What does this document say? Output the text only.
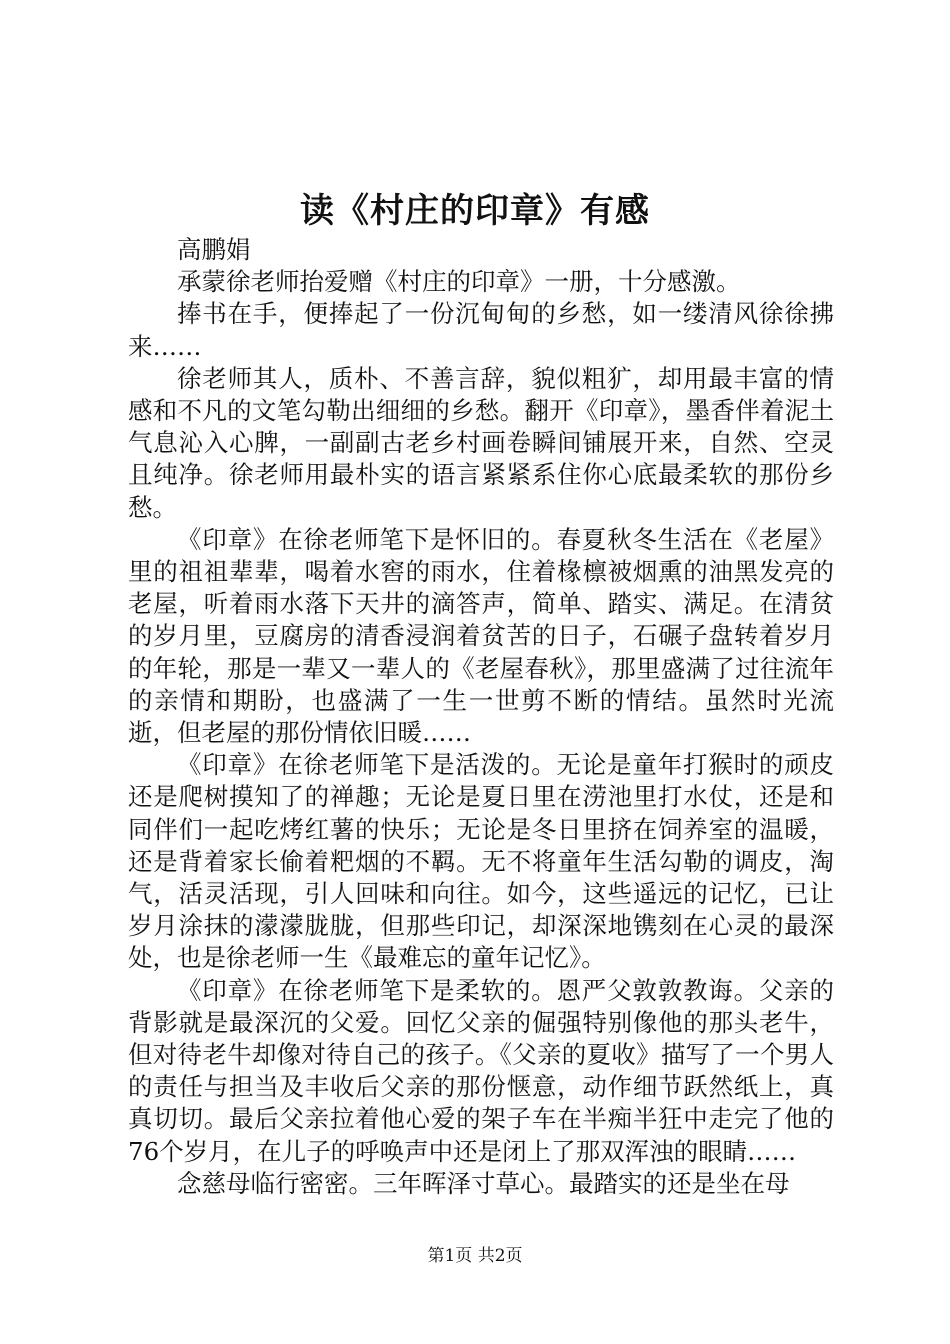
读《村庄的印章》有感

高鹏娟

承蒙徐老师抬爱赠《村庄的印章》一册，十分感激。

捧书在手，便捧起了一份沉甸甸的乡愁，如一缕清风徐徐拂来……

徐老师其人，质朴、不善言辞，貌似粗犷，却用最丰富的情感和不凡的文笔勾勒出细细的乡愁。翻开《印章》，墨香伴着泥土气息沁入心脾，一副副古老乡村画卷瞬间铺展开来，自然、空灵且纯净。徐老师用最朴实的语言紧紧系住你心底最柔软的那份乡愁。

《印章》在徐老师笔下是怀旧的。春夏秋冬生活在《老屋》里的祖祖辈辈，喝着水窖的雨水，住着椽檩被烟熏的油黑发亮的老屋，听着雨水落下天井的滴答声，简单、踏实、满足。在清贫的岁月里，豆腐房的清香浸润着贫苦的日子，石碾子盘转着岁月的年轮，那是一辈又一辈人的《老屋春秋》，那里盛满了过往流年的亲情和期盼，也盛满了一生一世剪不断的情结。虽然时光流逝，但老屋的那份情依旧暖……

《印章》在徐老师笔下是活泼的。无论是童年打猴时的顽皮还是爬树摸知了的禅趣；无论是夏日里在涝池里打水仗，还是和同伴们一起吃烤红薯的快乐；无论是冬日里挤在饲养室的温暖，还是背着家长偷着粑烟的不羁。无不将童年生活勾勒的调皮，淘气，活灵活现，引人回味和向往。如今，这些遥远的记忆，已让岁月涂抹的濛濛胧胧，但那些印记，却深深地镌刻在心灵的最深处，也是徐老师一生《最难忘的童年记忆》。

《印章》在徐老师笔下是柔软的。恩严父敦敦教诲。父亲的背影就是最深沉的父爱。回忆父亲的倔强特别像他的那头老牛，但对待老牛却像对待自己的孩子。《父亲的夏收》描写了一个男人的责任与担当及丰收后父亲的那份惬意，动作细节跃然纸上，真真切切。最后父亲拉着他心爱的架子车在半痴半狂中走完了他的76个岁月，在儿子的呼唤声中还是闭上了那双浑浊的眼睛……

念慈母临行密密。三年晖泽寸草心。最踏实的还是坐在母

第1页 共2页
